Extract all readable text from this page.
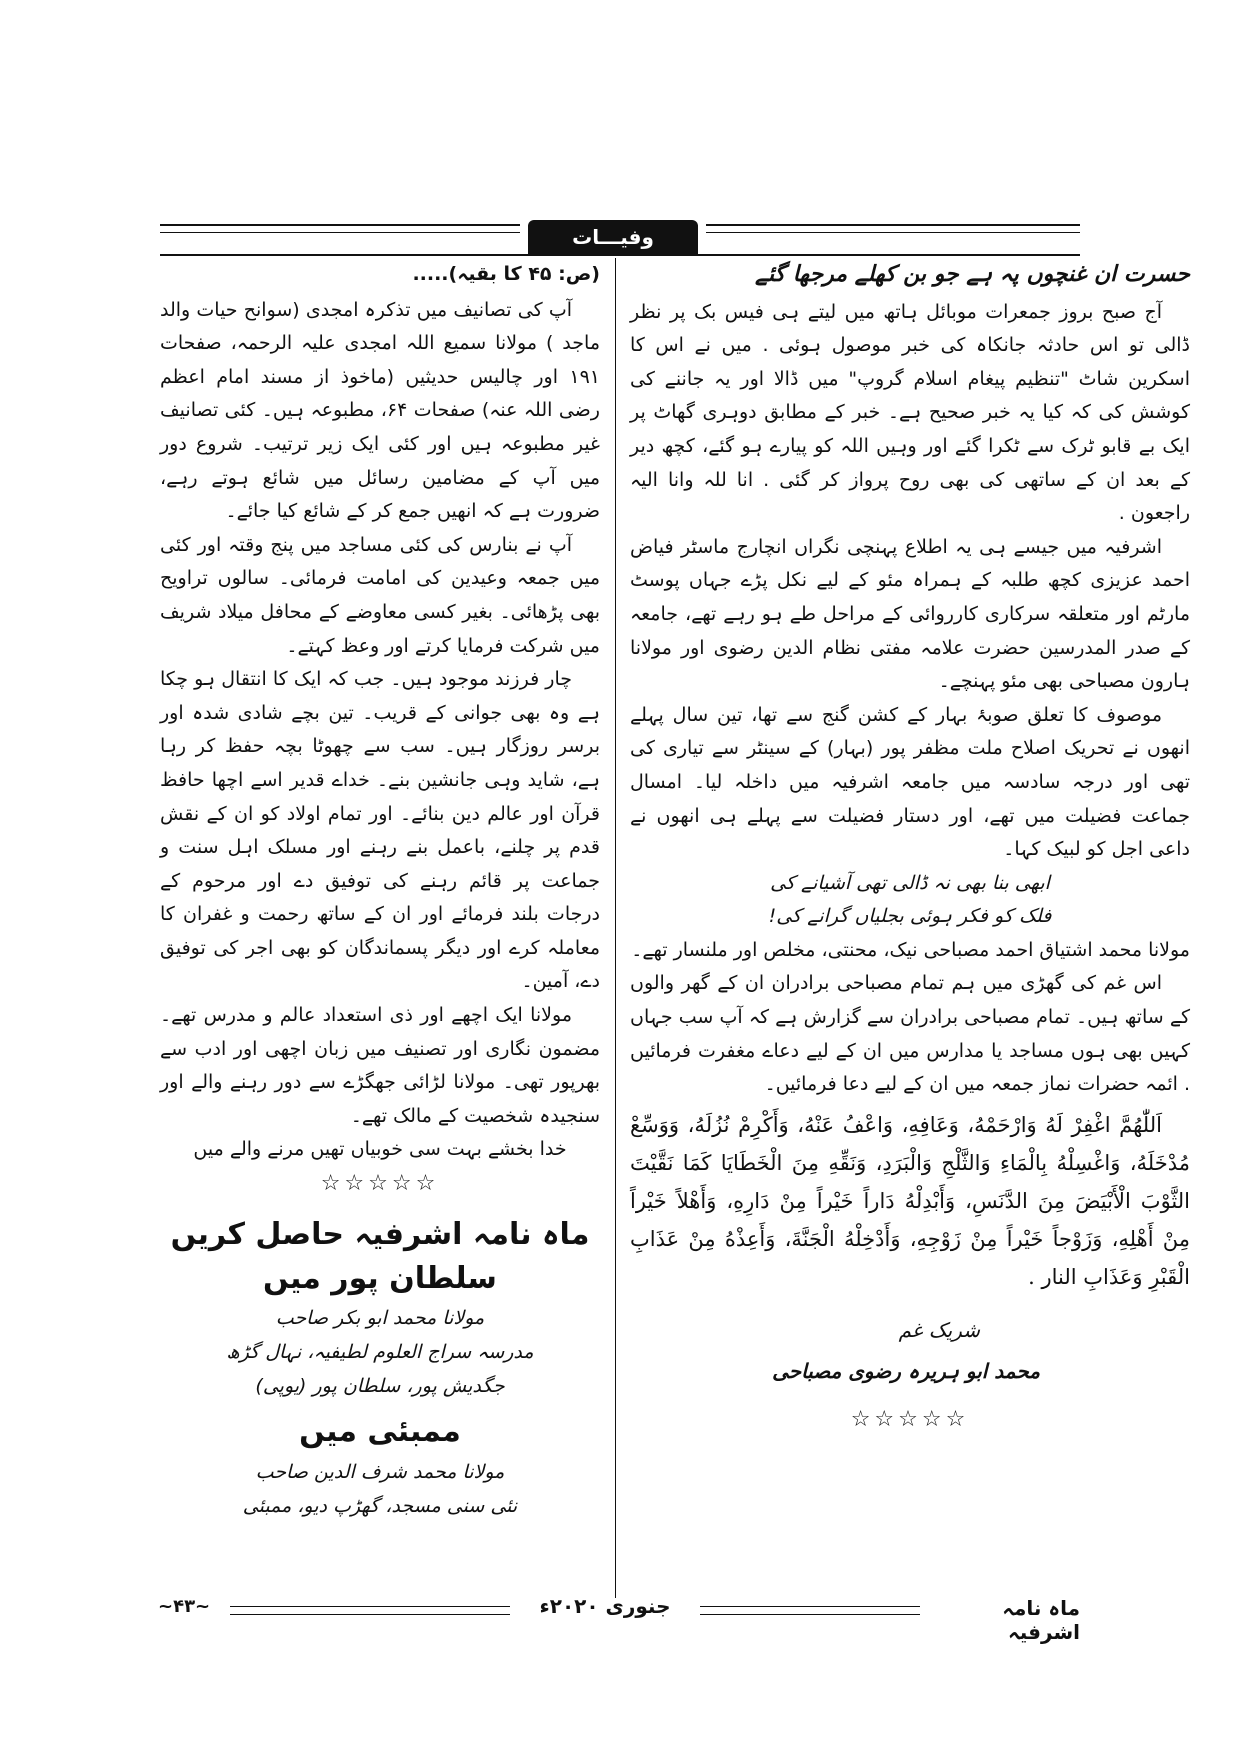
وفیـــات

حسرت ان غنچوں پہ ہے جو بن کھلے مرجھا گئے

آج صبح بروز جمعرات موبائل ہاتھ میں لیتے ہی فیس بک پر نظر ڈالی تو اس حادثہ جانکاہ کی خبر موصول ہوئی . میں نے اس کا اسکرین شاٹ "تنظیم پیغام اسلام گروپ" میں ڈالا اور یہ جاننے کی کوشش کی کہ کیا یہ خبر صحیح ہے۔ خبر کے مطابق دوہری گھاٹ پر ایک بے قابو ٹرک سے ٹکرا گئے اور وہیں اللہ کو پیارے ہو گئے، کچھ دیر کے بعد ان کے ساتھی کی بھی روح پرواز کر گئی . انا للہ وانا الیہ راجعون .

اشرفیہ میں جیسے ہی یہ اطلاع پہنچی نگراں انچارج ماسٹر فیاض احمد عزیزی کچھ طلبہ کے ہمراہ مئو کے لیے نکل پڑے جہاں پوسٹ مارٹم اور متعلقہ سرکاری کارروائی کے مراحل طے ہو رہے تھے، جامعہ کے صدر المدرسین حضرت علامہ مفتی نظام الدین رضوی اور مولانا ہارون مصباحی بھی مئو پہنچے۔

موصوف کا تعلق صوبۂ بہار کے کشن گنج سے تھا، تین سال پہلے انھوں نے تحریک اصلاح ملت مظفر پور (بہار) کے سینٹر سے تیاری کی تھی اور درجہ سادسہ میں جامعہ اشرفیہ میں داخلہ لیا۔ امسال جماعت فضیلت میں تھے، اور دستار فضیلت سے پہلے ہی انھوں نے داعی اجل کو لبیک کہا۔

ابھی بنا بھی نہ ڈالی تھی آشیانے کی

فلک کو فکر ہوئی بجلیاں گرانے کی!

مولانا محمد اشتیاق احمد مصباحی نیک، محنتی، مخلص اور ملنسار تھے۔

اس غم کی گھڑی میں ہم تمام مصباحی برادران ان کے گھر والوں کے ساتھ ہیں۔ تمام مصباحی برادران سے گزارش ہے کہ آپ سب جہاں کہیں بھی ہوں مساجد یا مدارس میں ان کے لیے دعاے مغفرت فرمائیں . ائمہ حضرات نماز جمعہ میں ان کے لیے دعا فرمائیں۔

اَللّٰهُمَّ اغْفِرْ لَهُ وَارْحَمْهُ، وَعَافِهِ، وَاعْفُ عَنْهُ، وَأَكْرِمْ نُزُلَهُ، وَوَسِّعْ مُدْخَلَهُ، وَاغْسِلْهُ بِالْمَاءِ وَالثَّلْجِ وَالْبَرَدِ، وَنَقِّهِ مِنَ الْخَطَايَا كَمَا نَقَّيْتَ الثَّوْبَ الْأَبْيَضَ مِنَ الدَّنَسِ، وَأَبْدِلْهُ دَاراً خَيْراً مِنْ دَارِهِ، وَأَهْلاً خَيْراً مِنْ أَهْلِهِ، وَزَوْجاً خَيْراً مِنْ زَوْجِهِ، وَأَدْخِلْهُ الْجَنَّةَ، وَأَعِذْهُ مِنْ عَذَابِ الْقَبْرِ وَعَذَابِ النار .

شریک غم

محمد ابو ہریرہ رضوی مصباحی

☆☆☆☆☆

(ص: ۴۵ کا بقیہ).....

آپ کی تصانیف میں تذکرہ امجدی (سوانح حیات والد ماجد ) مولانا سمیع اللہ امجدی علیہ الرحمہ، صفحات ۱۹۱ اور چالیس حدیثیں (ماخوذ از مسند امام اعظم رضی اللہ عنہ) صفحات ۶۴، مطبوعہ ہیں۔ کئی تصانیف غیر مطبوعہ ہیں اور کئی ایک زیر ترتیب۔ شروع دور میں آپ کے مضامین رسائل میں شائع ہوتے رہے، ضرورت ہے کہ انھیں جمع کر کے شائع کیا جائے۔

آپ نے بنارس کی کئی مساجد میں پنج وقتہ اور کئی میں جمعہ وعیدین کی امامت فرمائی۔ سالوں تراویح بھی پڑھائی۔ بغیر کسی معاوضے کے محافل میلاد شریف میں شرکت فرمایا کرتے اور وعظ کہتے۔

چار فرزند موجود ہیں۔ جب کہ ایک کا انتقال ہو چکا ہے وہ بھی جوانی کے قریب۔ تین بچے شادی شدہ اور برسر روزگار ہیں۔ سب سے چھوٹا بچہ حفظ کر رہا ہے، شاید وہی جانشین بنے۔ خداے قدیر اسے اچھا حافظ قرآن اور عالم دین بنائے۔ اور تمام اولاد کو ان کے نقش قدم پر چلنے، باعمل بنے رہنے اور مسلک اہل سنت و جماعت پر قائم رہنے کی توفیق دے اور مرحوم کے درجات بلند فرمائے اور ان کے ساتھ رحمت و غفران کا معاملہ کرے اور دیگر پسماندگان کو بھی اجر کی توفیق دے، آمین۔

مولانا ایک اچھے اور ذی استعداد عالم و مدرس تھے۔ مضمون نگاری اور تصنیف میں زبان اچھی اور ادب سے بھرپور تھی۔ مولانا لڑائی جھگڑے سے دور رہنے والے اور سنجیدہ شخصیت کے مالک تھے۔

خدا بخشے بہت سی خوبیاں تھیں مرنے والے میں

☆☆☆☆☆

ماہ نامہ اشرفیہ حاصل کریں

سلطان پور میں

مولانا محمد ابو بکر صاحب

مدرسہ سراج العلوم لطیفیہ، نہال گڑھ

جگدیش پور، سلطان پور (یوپی)

ممبئی میں

مولانا محمد شرف الدین صاحب

نئی سنی مسجد، گھڑپ دیو، ممبئی

ماہ نامہ اشرفیہ
جنوری ۲۰۲۰ء
~۴۳~
